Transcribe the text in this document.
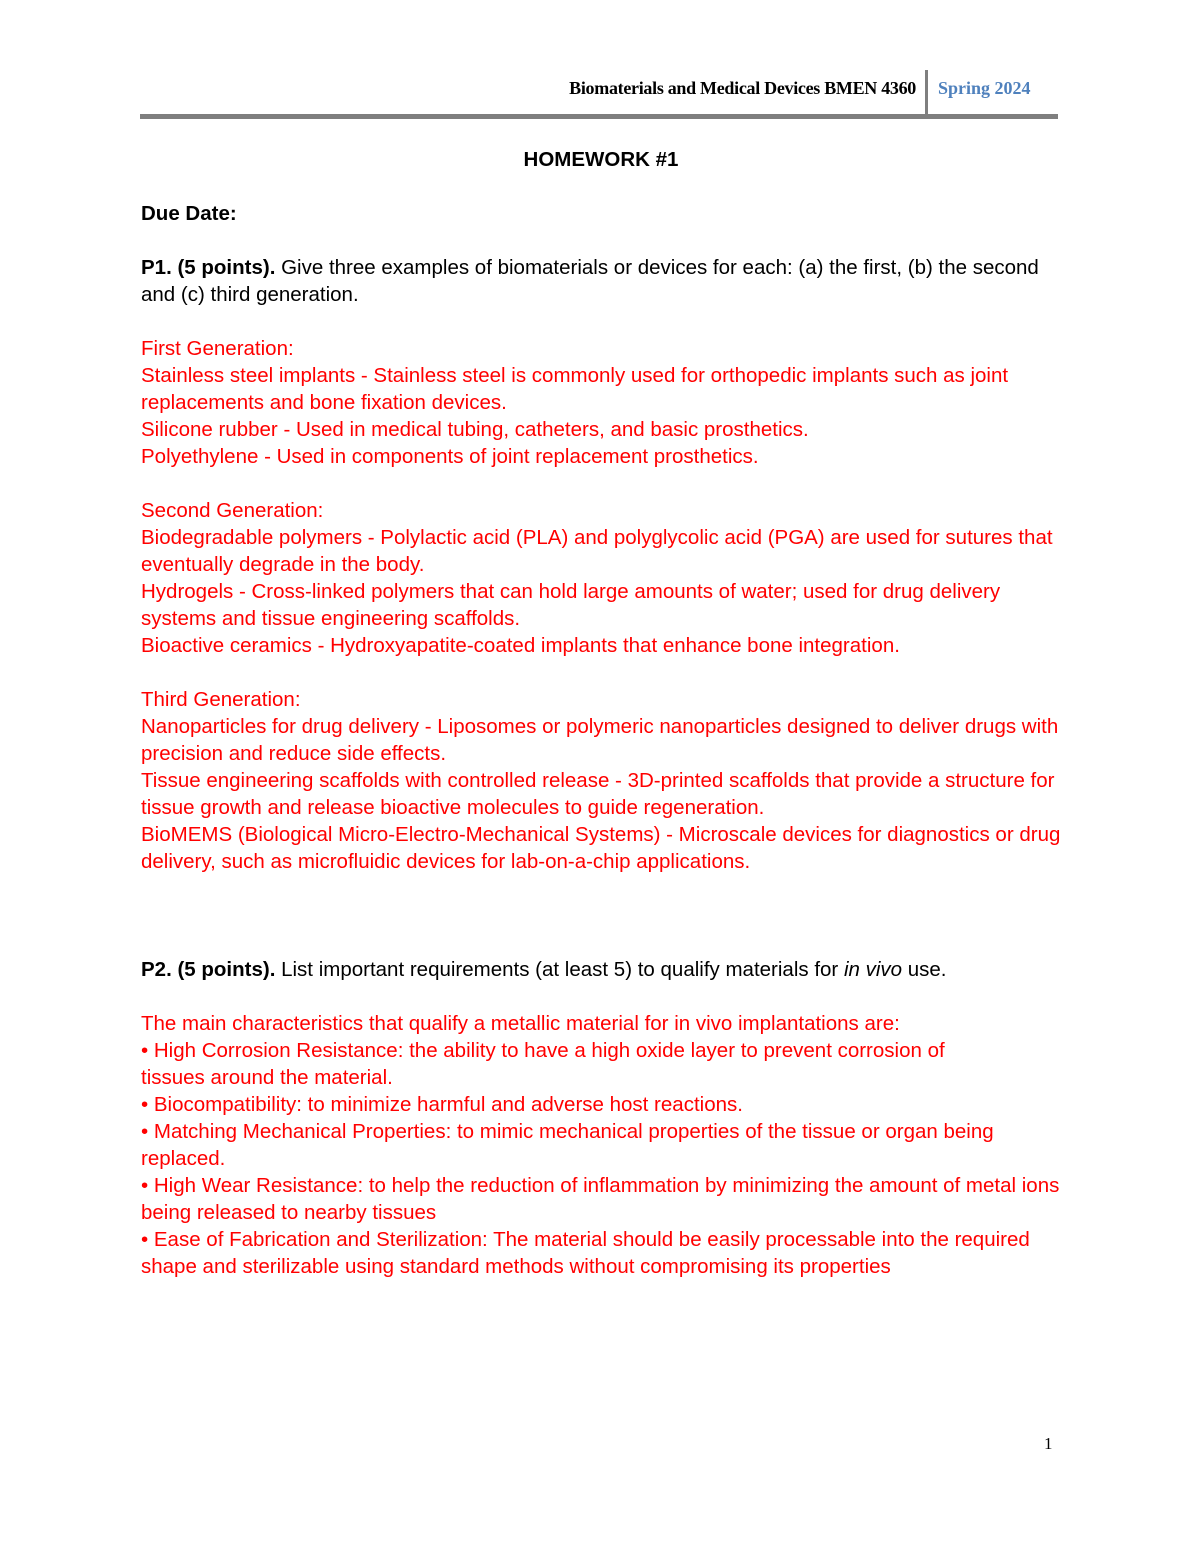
Biomaterials and Medical Devices BMEN 4360 Spring 2024

HOMEWORK #1

Due Date:

P1. (5 points). Give three examples of biomaterials or devices for each: (a) the first, (b) the second and (c) third generation.

First Generation:

Stainless steel implants - Stainless steel is commonly used for orthopedic implants such as joint replacements and bone fixation devices.

Silicone rubber - Used in medical tubing, catheters, and basic prosthetics.

Polyethylene - Used in components of joint replacement prosthetics.

Second Generation:

Biodegradable polymers - Polylactic acid (PLA) and polyglycolic acid (PGA) are used for sutures that eventually degrade in the body.

Hydrogels - Cross-linked polymers that can hold large amounts of water; used for drug delivery systems and tissue engineering scaffolds.

Bioactive ceramics - Hydroxyapatite-coated implants that enhance bone integration.

Third Generation:

Nanoparticles for drug delivery - Liposomes or polymeric nanoparticles designed to deliver drugs with precision and reduce side effects.

Tissue engineering scaffolds with controlled release - 3D-printed scaffolds that provide a structure for tissue growth and release bioactive molecules to guide regeneration.

BioMEMS (Biological Micro-Electro-Mechanical Systems) - Microscale devices for diagnostics or drug delivery, such as microfluidic devices for lab-on-a-chip applications.

P2. (5 points). List important requirements (at least 5) to qualify materials for in vivo use.

The main characteristics that qualify a metallic material for in vivo implantations are:

• High Corrosion Resistance: the ability to have a high oxide layer to prevent corrosion of

tissues around the material.

• Biocompatibility: to minimize harmful and adverse host reactions.

• Matching Mechanical Properties: to mimic mechanical properties of the tissue or organ being replaced.

• High Wear Resistance: to help the reduction of inflammation by minimizing the amount of metal ions being released to nearby tissues

• Ease of Fabrication and Sterilization: The material should be easily processable into the required shape and sterilizable using standard methods without compromising its properties

1
